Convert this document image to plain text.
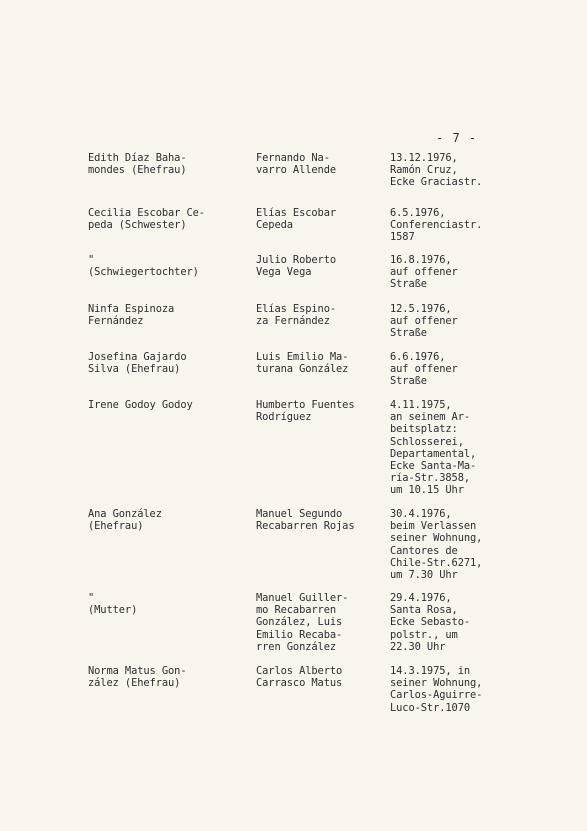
- 7 -
Edith Díaz Baha-
mondes (Ehefrau)
Fernando Na-
varro Allende
13.12.1976,
Ramón Cruz,
Ecke Graciastr.
Cecilia Escobar Ce-
peda (Schwester)
Elías Escobar
Cepeda
6.5.1976,
Conferenciastr.
1587
"
(Schwiegertochter)
Julio Roberto
Vega Vega
16.8.1976,
auf offener
Straße
Ninfa Espinoza
Fernández
Elías Espino-
za Fernández
12.5.1976,
auf offener
Straße
Josefina Gajardo
Silva (Ehefrau)
Luis Emilio Ma-
turana González
6.6.1976,
auf offener
Straße
Irene Godoy Godoy	Humberto Fuentes
Rodríguez
4.11.1975,
an seinem Ar-
beitsplatz:
Schlosserei,
Departamental,
Ecke Santa-Ma-
ría-Str.3858,
um 10.15 Uhr
Ana González
(Ehefrau)
Manuel Segundo
Recabarren Rojas
30.4.1976,
beim Verlassen
seiner Wohnung,
Cantores de
Chile-Str.6271,
um 7.30 Uhr
"
(Mutter)
Manuel Guiller-
mo Recabarren
González, Luis
Emilio Recaba-
rren González
29.4.1976,
Santa Rosa,
Ecke Sebasto-
polstr., um
22.30 Uhr
Norma Matus Gon-
zález (Ehefrau)
Carlos Alberto
Carrasco Matus
14.3.1975, in
seiner Wohnung,
Carlos-Aguirre-
Luco-Str.1070
